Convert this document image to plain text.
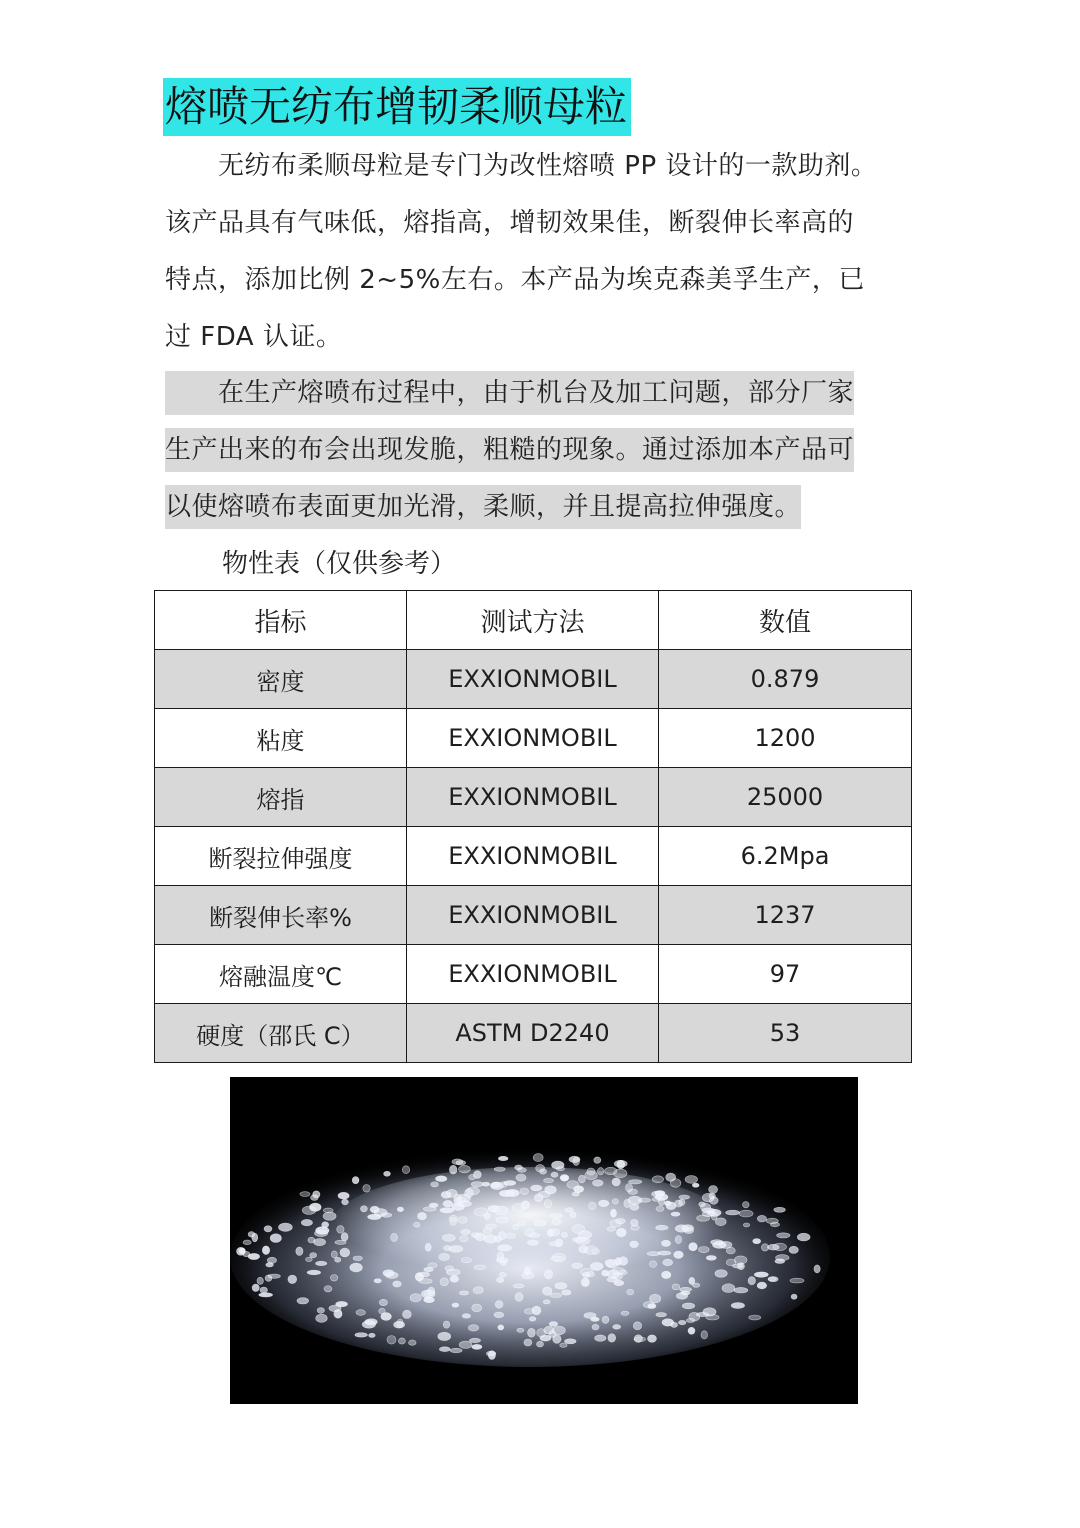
熔喷无纺布增韧柔顺母粒
　　无纺布柔顺母粒是专门为改性熔喷 PP 设计的一款助剂。
该产品具有气味低，熔指高，增韧效果佳，断裂伸长率高的
特点，添加比例 2~5%左右。本产品为埃克森美孚生产，已
过 FDA 认证。
　　在生产熔喷布过程中，由于机台及加工问题，部分厂家
生产出来的布会出现发脆，粗糙的现象。通过添加本产品可
以使熔喷布表面更加光滑，柔顺，并且提高拉伸强度。
物性表（仅供参考）
指标	测试方法	数值
密度	EXXIONMOBIL	0.879
粘度	EXXIONMOBIL	1200
熔指	EXXIONMOBIL	25000
断裂拉伸强度	EXXIONMOBIL	6.2Mpa
断裂伸长率%	EXXIONMOBIL	1237
熔融温度℃	EXXIONMOBIL	97
硬度（邵氏 C）	ASTM D2240	53
